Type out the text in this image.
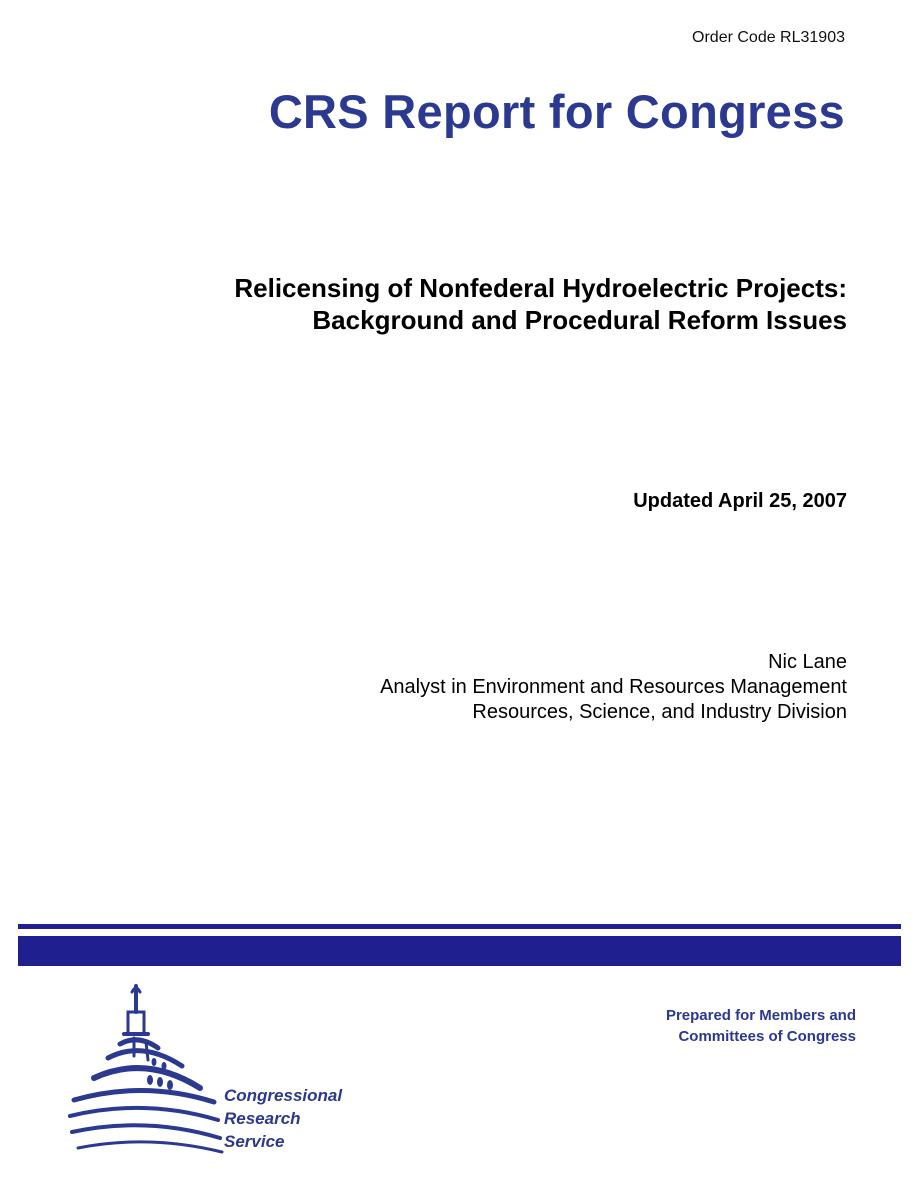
Order Code RL31903
CRS Report for Congress
Relicensing of Nonfederal Hydroelectric Projects:
Background and Procedural Reform Issues
Updated April 25, 2007
Nic Lane
Analyst in Environment and Resources Management
Resources, Science, and Industry Division
Congressional
Research
Service
Prepared for Members and
Committees of Congress
